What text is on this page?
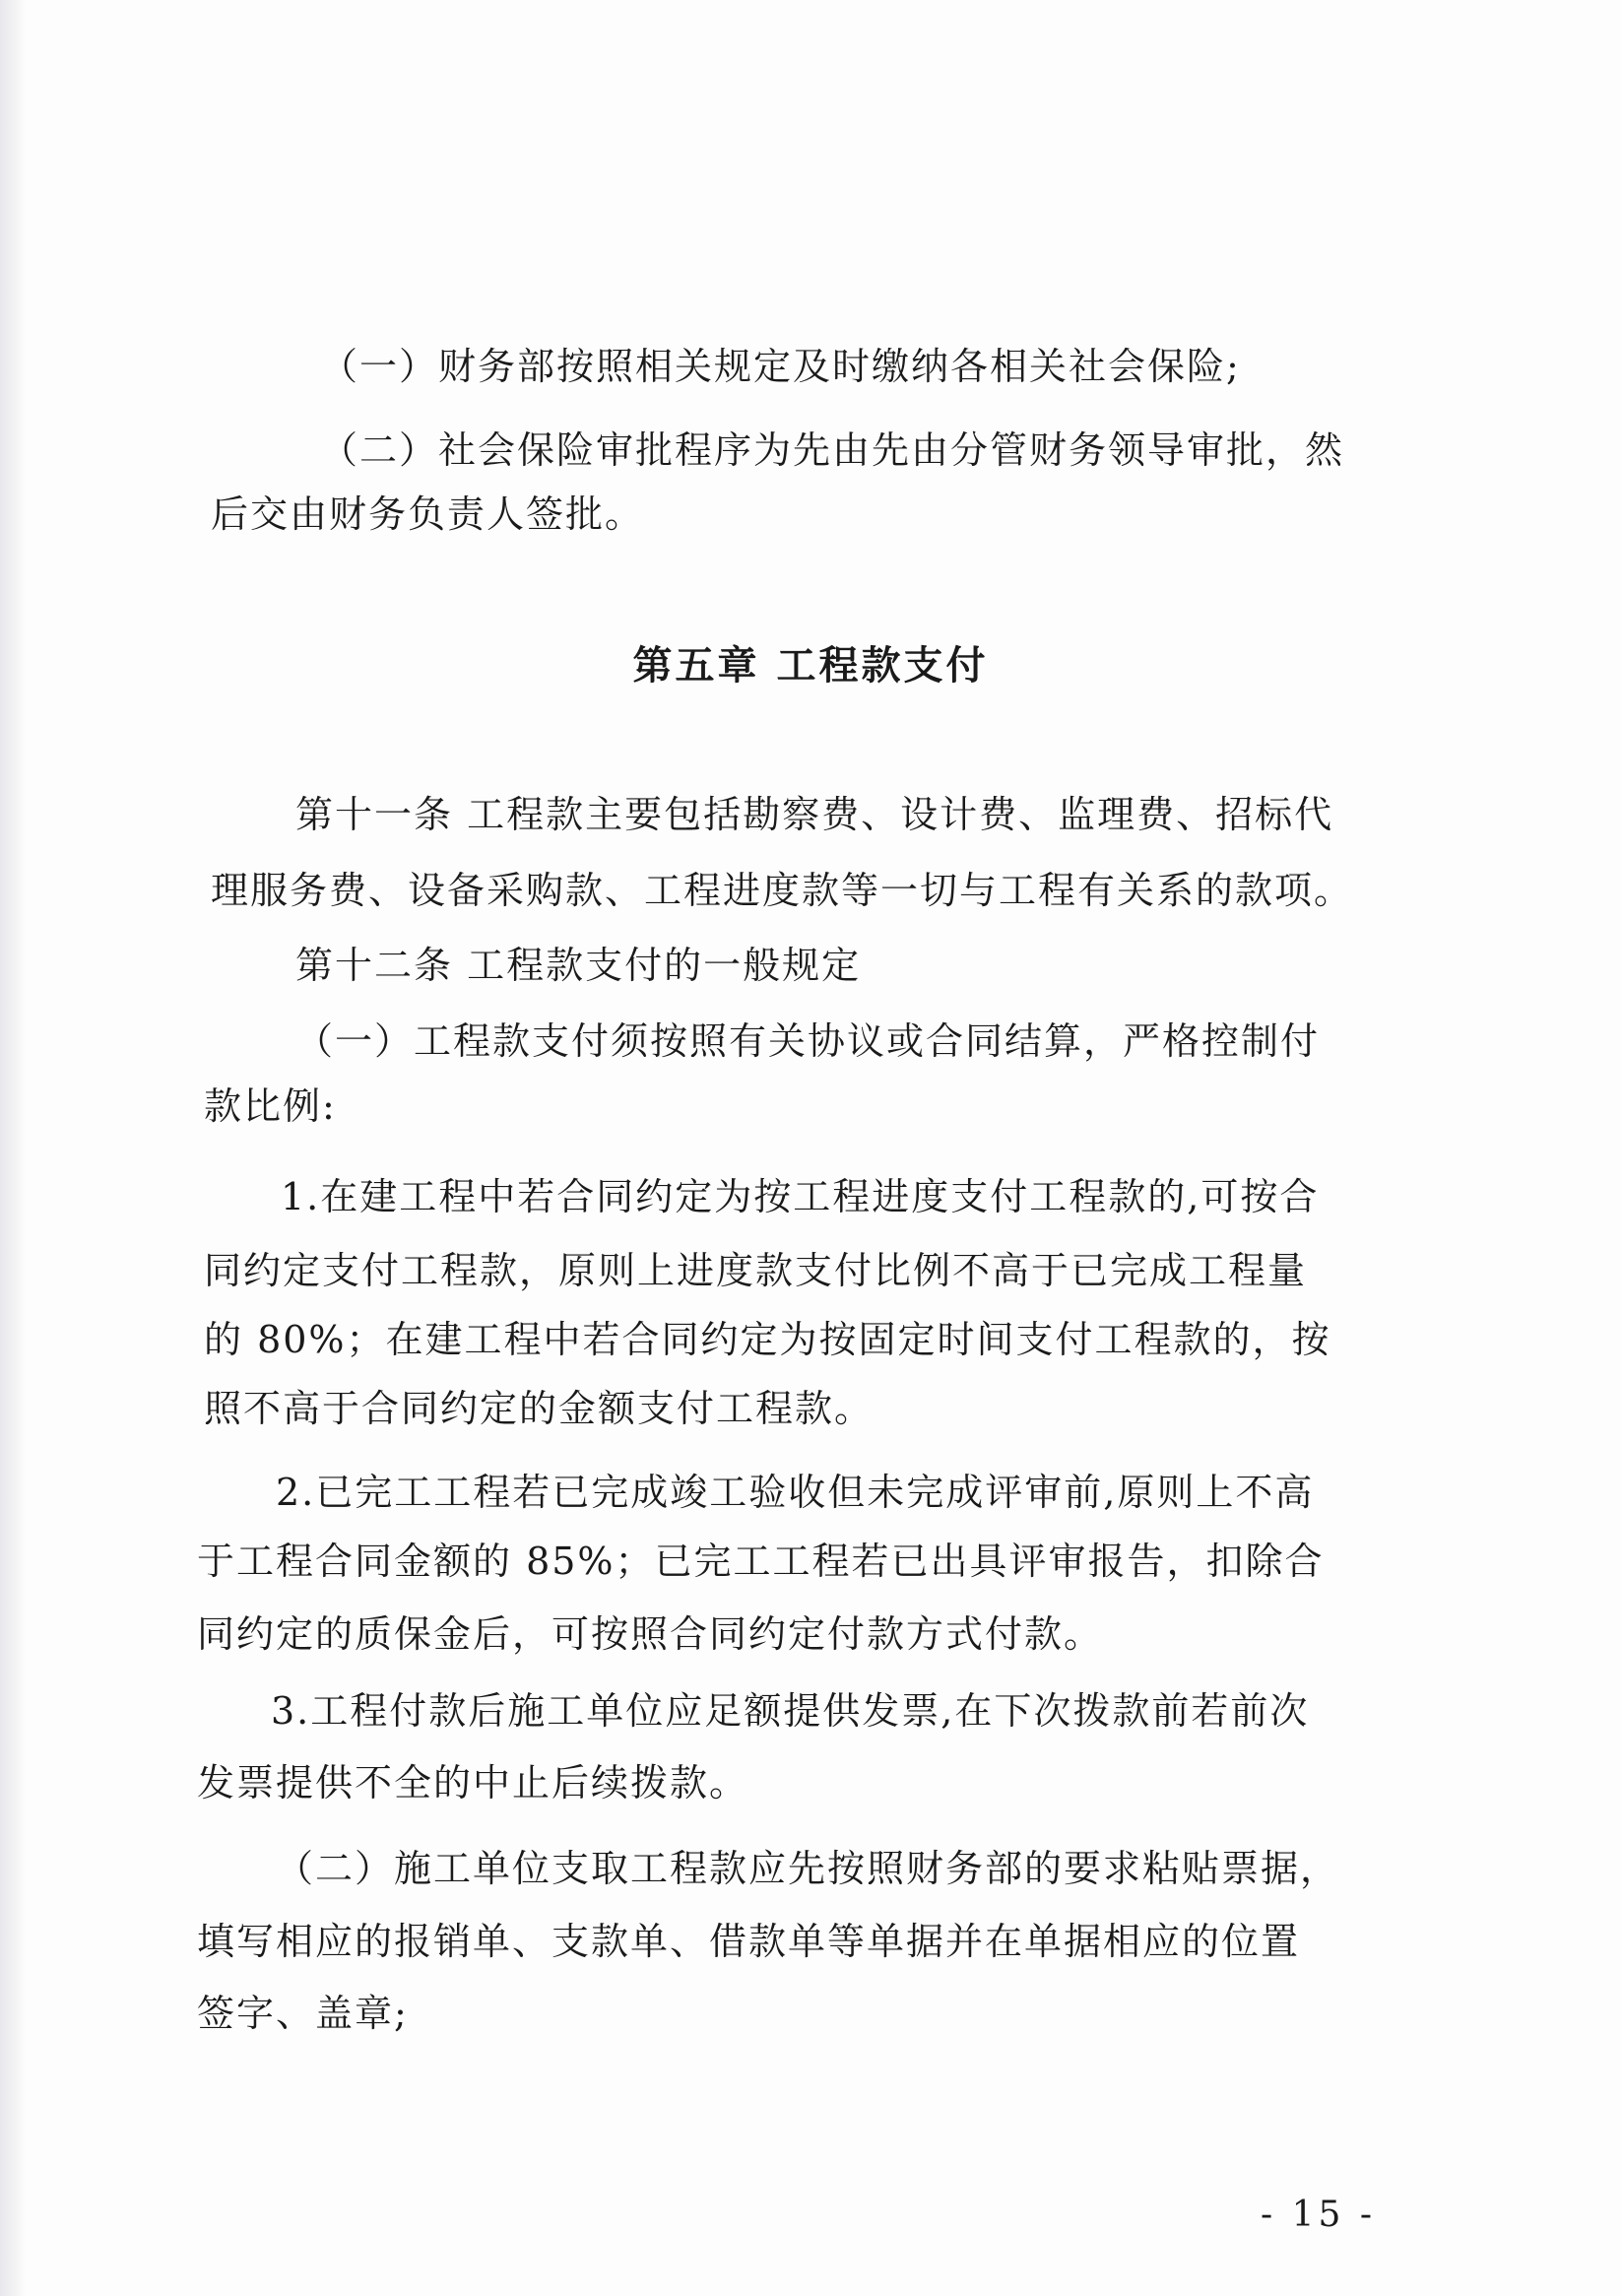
（一）财务部按照相关规定及时缴纳各相关社会保险;

（二）社会保险审批程序为先由先由分管财务领导审批，然

后交由财务负责人签批。

第五章 工程款支付

第十一条 工程款主要包括勘察费、设计费、监理费、招标代

理服务费、设备采购款、工程进度款等一切与工程有关系的款项。

第十二条 工程款支付的一般规定

（一）工程款支付须按照有关协议或合同结算，严格控制付

款比例:

1.在建工程中若合同约定为按工程进度支付工程款的,可按合

同约定支付工程款，原则上进度款支付比例不高于已完成工程量

的 80%；在建工程中若合同约定为按固定时间支付工程款的，按

照不高于合同约定的金额支付工程款。

2.已完工工程若已完成竣工验收但未完成评审前,原则上不高

于工程合同金额的 85%；已完工工程若已出具评审报告，扣除合

同约定的质保金后，可按照合同约定付款方式付款。

3.工程付款后施工单位应足额提供发票,在下次拨款前若前次

发票提供不全的中止后续拨款。

（二）施工单位支取工程款应先按照财务部的要求粘贴票据，

填写相应的报销单、支款单、借款单等单据并在单据相应的位置

签字、盖章;

- 15 -
